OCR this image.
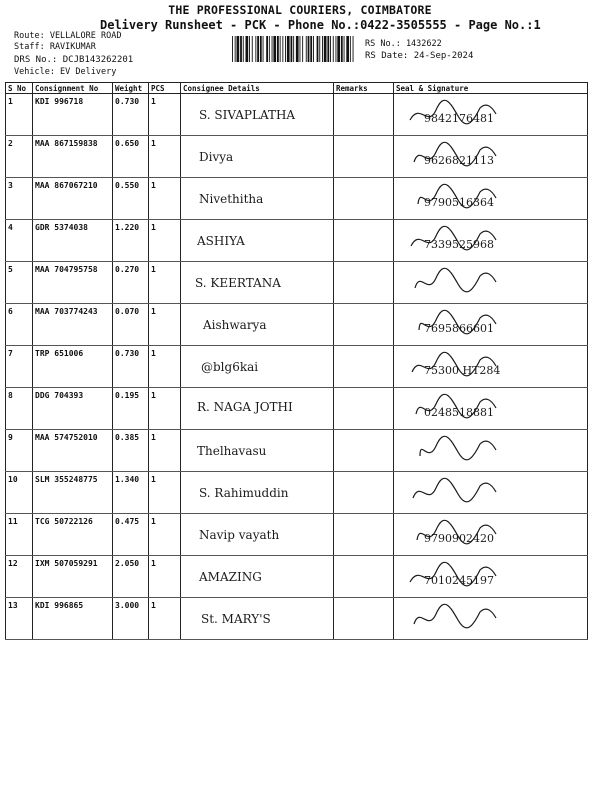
THE PROFESSIONAL COURIERS, COIMBATORE
Delivery Runsheet - PCK - Phone No.:0422-3505555 - Page No.:1
Route: VELLALORE ROAD
Staff: RAVIKUMAR
DRS No.: DCJB143262201
Vehicle: EV Delivery
RS No.: 1432622
RS Date: 24-Sep-2024
S No	Consignment No	Weight	PCS	Consignee Details	Remarks	Seal & Signature
1	KDI 996718	0.730	1	S. SIVAPLATHA		9842176481

2	MAA 867159838	0.650	1	Divya		9626821113

3	MAA 867067210	0.550	1	Nivethitha		9790516364

4	GDR 5374038	1.220	1	ASHIYA		7339525968

5	MAA 704795758	0.270	1	S. KEERTANA

6	MAA 703774243	0.070	1	Aishwarya		7695866601

7	TRP 651006	0.730	1	@blg6kai		75300 HT284

8	DDG 704393	0.195	1	R. NAGA JOTHI		0248518881

9	MAA 574752010	0.385	1	Thelhavasu

10	SLM 355248775	1.340	1	S. Rahimuddin

11	TCG 50722126	0.475	1	Navip vayath		9790902420

12	IXM 507059291	2.050	1	AMAZING		7010245197

13	KDI 996865	3.000	1	St. MARY'S
